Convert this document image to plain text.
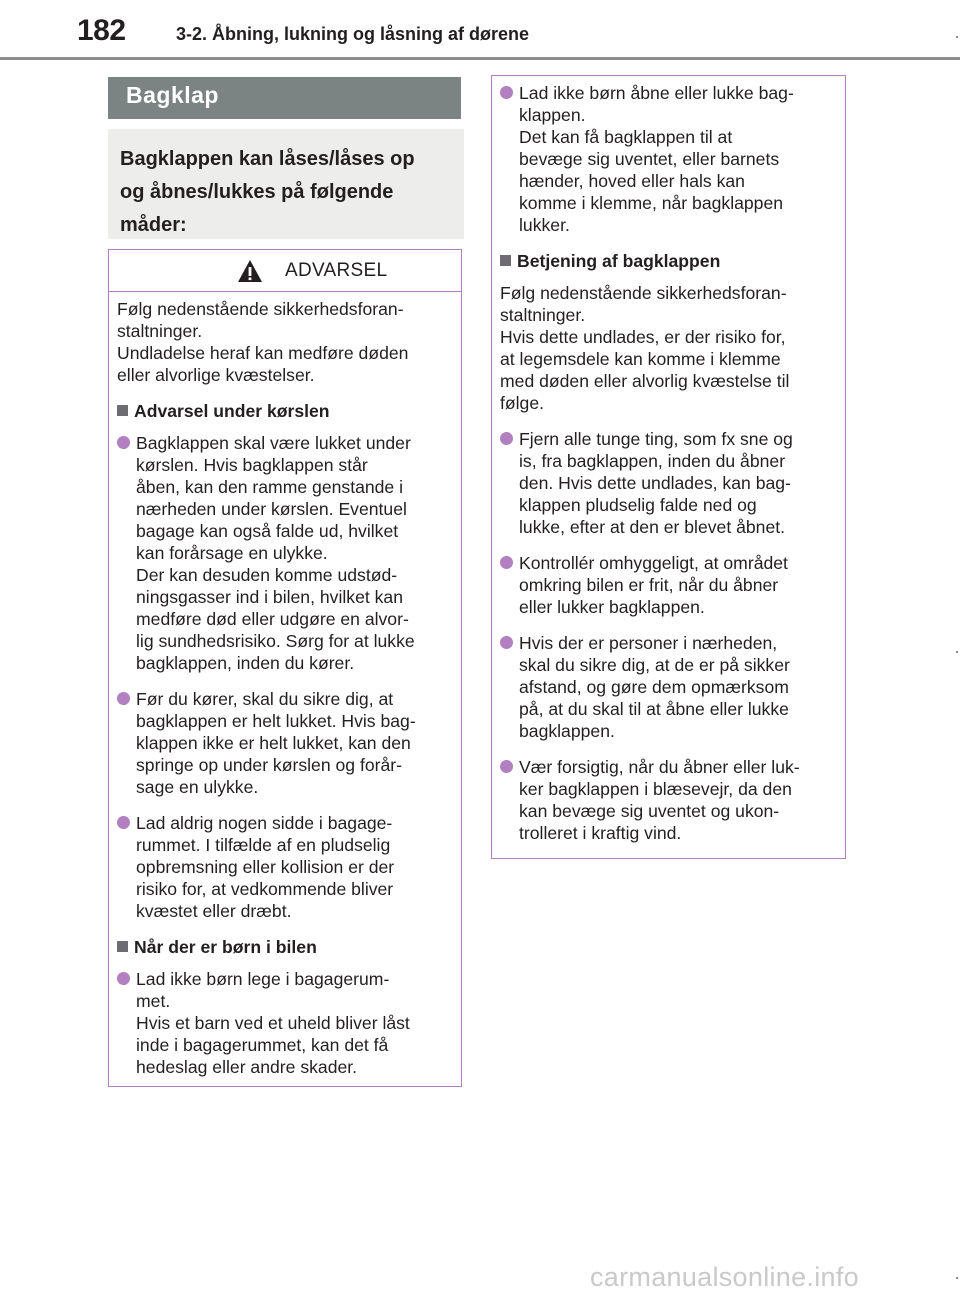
182	3-2. Åbning, lukning og låsning af dørene
Bagklap
Bagklappen kan låses/låses op
og åbnes/lukkes på følgende
måder:
ADVARSEL
Følg nedenstående sikkerhedsforan-
staltninger.
Undladelse heraf kan medføre døden
eller alvorlige kvæstelser.
Advarsel under kørslen
Bagklappen skal være lukket under
kørslen. Hvis bagklappen står
åben, kan den ramme genstande i
nærheden under kørslen. Eventuel
bagage kan også falde ud, hvilket
kan forårsage en ulykke.
Der kan desuden komme udstød-
ningsgasser ind i bilen, hvilket kan
medføre død eller udgøre en alvor-
lig sundhedsrisiko. Sørg for at lukke
bagklappen, inden du kører.
Før du kører, skal du sikre dig, at
bagklappen er helt lukket. Hvis bag-
klappen ikke er helt lukket, kan den
springe op under kørslen og forår-
sage en ulykke.
Lad aldrig nogen sidde i bagage-
rummet. I tilfælde af en pludselig
opbremsning eller kollision er der
risiko for, at vedkommende bliver
kvæstet eller dræbt.
Når der er børn i bilen
Lad ikke børn lege i bagagerum-
met.
Hvis et barn ved et uheld bliver låst
inde i bagagerummet, kan det få
hedeslag eller andre skader.
Lad ikke børn åbne eller lukke bag-
klappen.
Det kan få bagklappen til at
bevæge sig uventet, eller barnets
hænder, hoved eller hals kan
komme i klemme, når bagklappen
lukker.
Betjening af bagklappen
Følg nedenstående sikkerhedsforan-
staltninger.
Hvis dette undlades, er der risiko for,
at legemsdele kan komme i klemme
med døden eller alvorlig kvæstelse til
følge.
Fjern alle tunge ting, som fx sne og
is, fra bagklappen, inden du åbner
den. Hvis dette undlades, kan bag-
klappen pludselig falde ned og
lukke, efter at den er blevet åbnet.
Kontrollér omhyggeligt, at området
omkring bilen er frit, når du åbner
eller lukker bagklappen.
Hvis der er personer i nærheden,
skal du sikre dig, at de er på sikker
afstand, og gøre dem opmærksom
på, at du skal til at åbne eller lukke
bagklappen.
Vær forsigtig, når du åbner eller luk-
ker bagklappen i blæsevejr, da den
kan bevæge sig uventet og ukon-
trolleret i kraftig vind.
carmanualsonline.info
